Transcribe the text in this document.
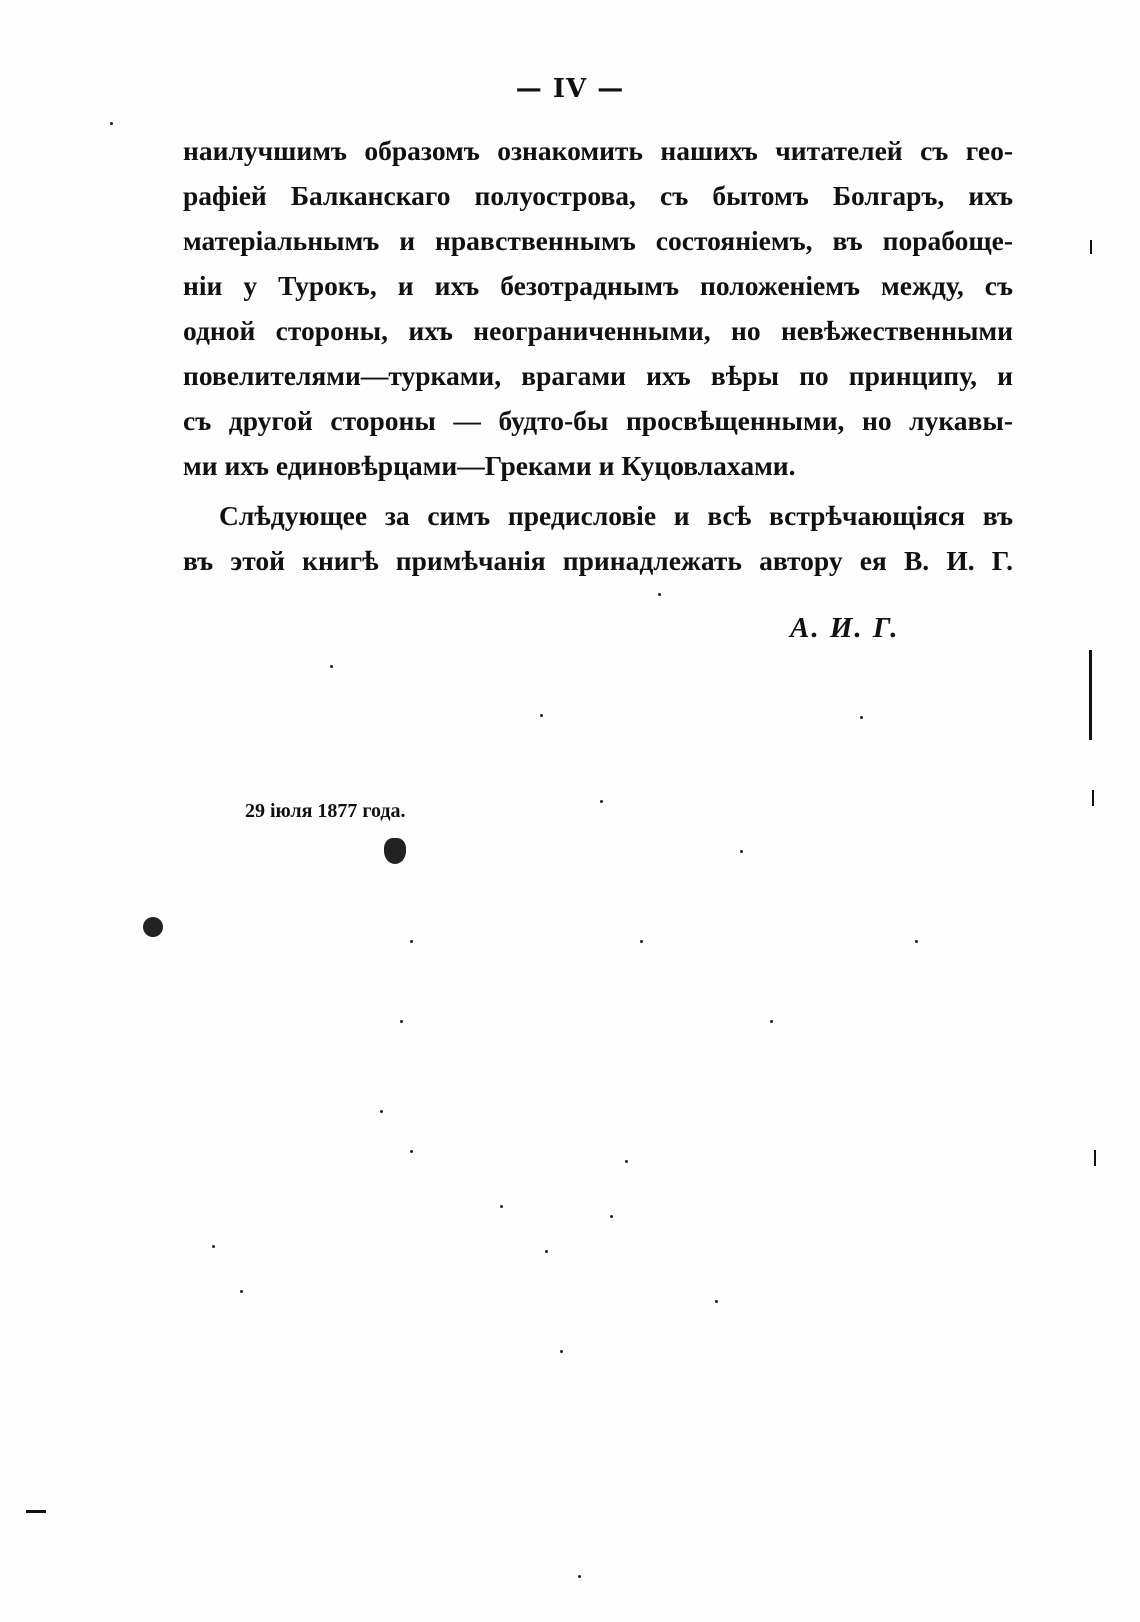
— IV —
наилучшимъ образомъ ознакомить нашихъ читателей съ гео-
рафіей Балканскаго полуострова, съ бытомъ Болгаръ, ихъ
матеріальнымъ и нравственнымъ состояніемъ, въ порабоще-
ніи у Турокъ, и ихъ безотраднымъ положеніемъ между, съ
одной стороны, ихъ неограниченными, но невѣжественными
повелителями—турками, врагами ихъ вѣры по принципу, и
съ другой стороны — будто-бы просвѣщенными, но лукавы-
ми ихъ единовѣрцами—Греками и Куцовлахами.
Слѣдующее за симъ предисловіе и всѣ встрѣчающіяся въ
въ этой книгѣ примѣчанія принадлежать автору ея В. И. Г.
А. И. Г.
29 іюля 1877 года.
